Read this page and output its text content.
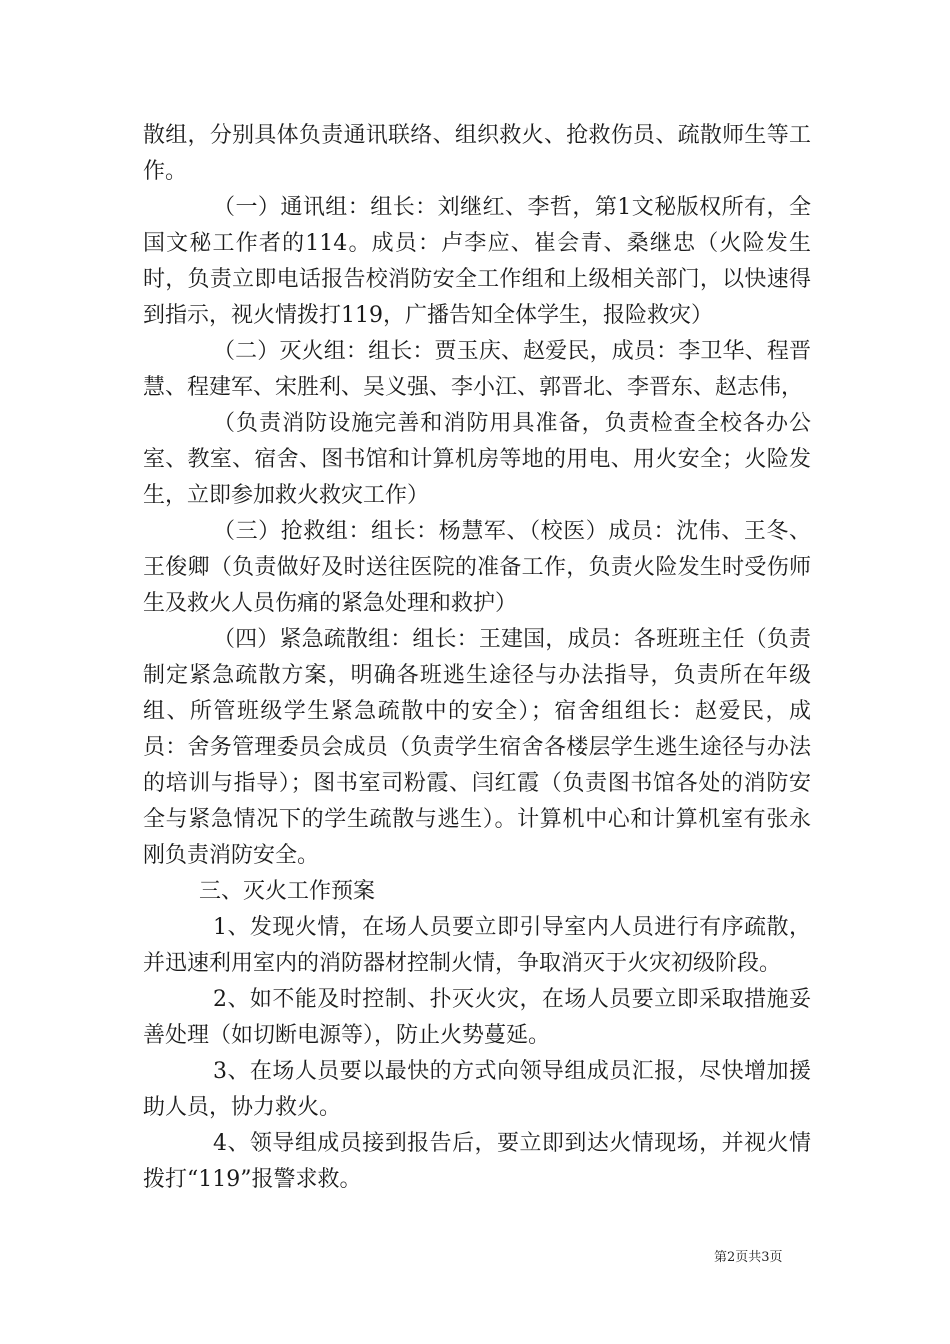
散组，分别具体负责通讯联络、组织救火、抢救伤员、疏散师生等工作。

（一）通讯组：组长：刘继红、李哲，第1文秘版权所有，全国文秘工作者的114。成员：卢李应、崔会青、桑继忠（火险发生时，负责立即电话报告校消防安全工作组和上级相关部门，以快速得到指示，视火情拨打119，广播告知全体学生，报险救灾）

（二）灭火组：组长：贾玉庆、赵爱民，成员：李卫华、程晋慧、程建军、宋胜利、吴义强、李小江、郭晋北、李晋东、赵志伟，

（负责消防设施完善和消防用具准备，负责检查全校各办公室、教室、宿舍、图书馆和计算机房等地的用电、用火安全；火险发生，立即参加救火救灾工作）

（三）抢救组：组长：杨慧军、（校医）成员：沈伟、王冬、王俊卿（负责做好及时送往医院的准备工作，负责火险发生时受伤师生及救火人员伤痛的紧急处理和救护）

（四）紧急疏散组：组长：王建国，成员：各班班主任（负责制定紧急疏散方案，明确各班逃生途径与办法指导，负责所在年级组、所管班级学生紧急疏散中的安全）；宿舍组组长：赵爱民，成员：舍务管理委员会成员（负责学生宿舍各楼层学生逃生途径与办法的培训与指导）；图书室司粉霞、闫红霞（负责图书馆各处的消防安全与紧急情况下的学生疏散与逃生）。计算机中心和计算机室有张永刚负责消防安全。

三、灭火工作预案

1、发现火情，在场人员要立即引导室内人员进行有序疏散，并迅速利用室内的消防器材控制火情，争取消灭于火灾初级阶段。

2、如不能及时控制、扑灭火灾，在场人员要立即采取措施妥善处理（如切断电源等），防止火势蔓延。

3、在场人员要以最快的方式向领导组成员汇报，尽快增加援助人员，协力救火。

4、领导组成员接到报告后，要立即到达火情现场，并视火情拨打“119”报警求救。

第2页共3页
